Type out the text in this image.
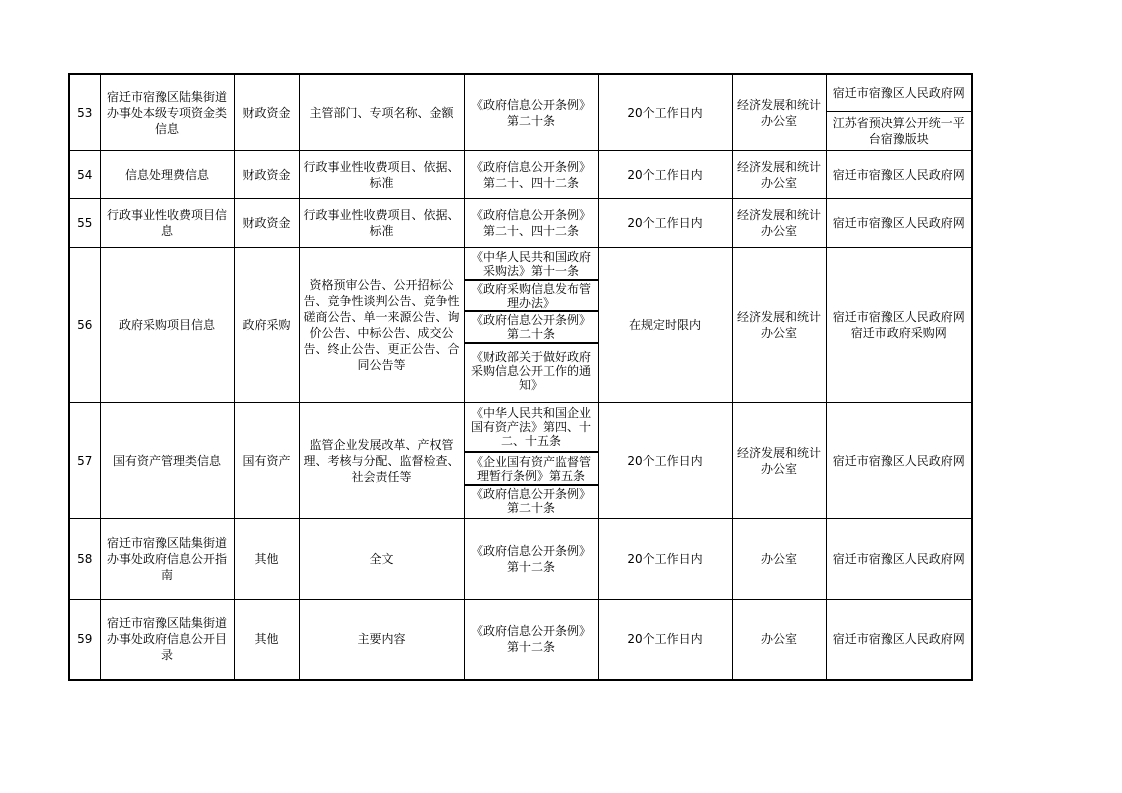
53	宿迁市宿豫区陆集街道办事处本级专项资金类信息	财政资金	主管部门、专项名称、金额	《政府信息公开条例》第二十条	20个工作日内	经济发展和统计办公室	宿迁市宿豫区人民政府网
江苏省预决算公开统一平台宿豫版块

54	信息处理费信息	财政资金	行政事业性收费项目、依据、标准	《政府信息公开条例》第二十、四十二条	20个工作日内	经济发展和统计办公室	宿迁市宿豫区人民政府网
55	行政事业性收费项目信息	财政资金	行政事业性收费项目、依据、标准	《政府信息公开条例》第二十、四十二条	20个工作日内	经济发展和统计办公室	宿迁市宿豫区人民政府网
56	政府采购项目信息	政府采购	资格预审公告、公开招标公告、竞争性谈判公告、竞争性磋商公告、单一来源公告、询价公告、中标公告、成交公告、终止公告、更正公告、合同公告等	《中华人民共和国政府采购法》第十一条
《政府采购信息发布管理办法》
《政府信息公开条例》第二十条
《财政部关于做好政府采购信息公开工作的通知》	在规定时限内	经济发展和统计办公室	宿迁市宿豫区人民政府网　　宿迁市政府采购网
57	国有资产管理类信息	国有资产	监管企业发展改革、产权管理、考核与分配、监督检查、社会责任等	《中华人民共和国企业国有资产法》第四、十二、十五条
《企业国有资产监督管理暂行条例》第五条
《政府信息公开条例》第二十条	20个工作日内	经济发展和统计办公室	宿迁市宿豫区人民政府网
58	宿迁市宿豫区陆集街道办事处政府信息公开指南	其他	全文	《政府信息公开条例》第十二条	20个工作日内	办公室	宿迁市宿豫区人民政府网
59	宿迁市宿豫区陆集街道办事处政府信息公开目录	其他	主要内容	《政府信息公开条例》第十二条	20个工作日内	办公室	宿迁市宿豫区人民政府网
